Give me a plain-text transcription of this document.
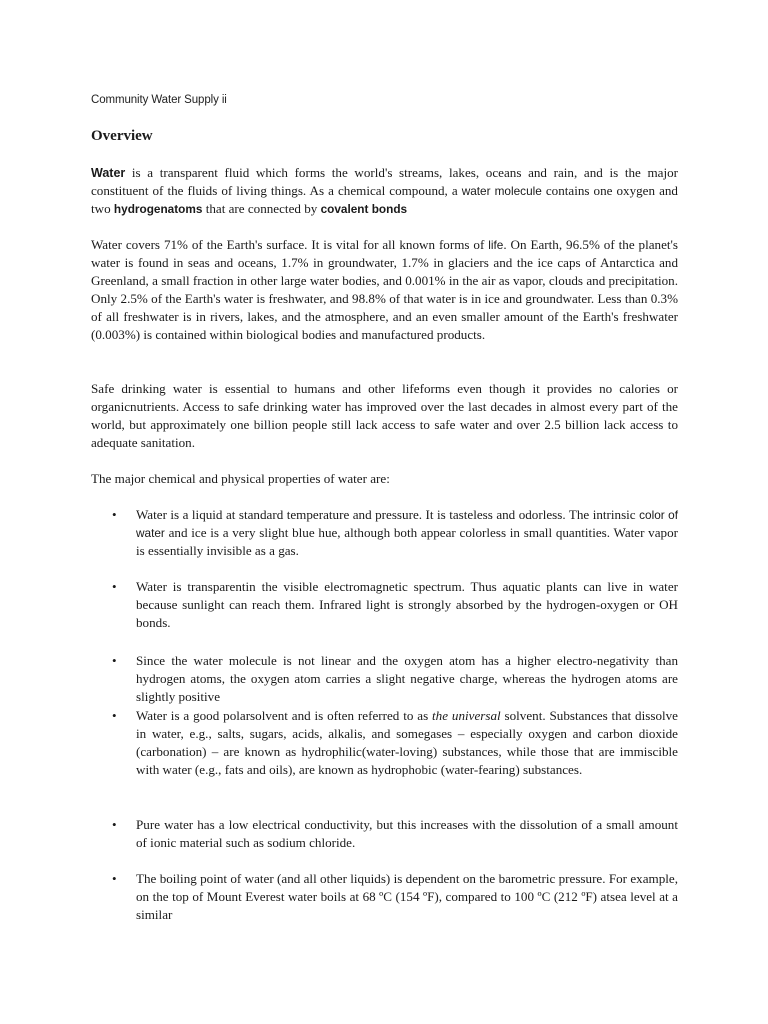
Community Water Supply ii
Overview
Water is a transparent fluid which forms the world's streams, lakes, oceans and rain, and is the major constituent of the fluids of living things. As a chemical compound, a water molecule contains one oxygen and two hydrogenatoms that are connected by covalent bonds
Water covers 71% of the Earth's surface. It is vital for all known forms of life. On Earth, 96.5% of the planet's water is found in seas and oceans, 1.7% in groundwater, 1.7% in glaciers and the ice caps of Antarctica and Greenland, a small fraction in other large water bodies, and 0.001% in the air as vapor, clouds and precipitation. Only 2.5% of the Earth's water is freshwater, and 98.8% of that water is in ice and groundwater. Less than 0.3% of all freshwater is in rivers, lakes, and the atmosphere, and an even smaller amount of the Earth's freshwater (0.003%) is contained within biological bodies and manufactured products.
Safe drinking water is essential to humans and other lifeforms even though it provides no calories or organicnutrients. Access to safe drinking water has improved over the last decades in almost every part of the world, but approximately one billion people still lack access to safe water and over 2.5 billion lack access to adequate sanitation.
The major chemical and physical properties of water are:
• Water is a liquid at standard temperature and pressure. It is tasteless and odorless. The intrinsic color of water and ice is a very slight blue hue, although both appear colorless in small quantities. Water vapor is essentially invisible as a gas.
• Water is transparentin the visible electromagnetic spectrum. Thus aquatic plants can live in water because sunlight can reach them. Infrared light is strongly absorbed by the hydrogen-oxygen or OH bonds.
• Since the water molecule is not linear and the oxygen atom has a higher electro-negativity than hydrogen atoms, the oxygen atom carries a slight negative charge, whereas the hydrogen atoms are slightly positive
• Water is a good polarsolvent and is often referred to as the universal solvent. Substances that dissolve in water, e.g., salts, sugars, acids, alkalis, and somegases – especially oxygen and carbon dioxide (carbonation) – are known as hydrophilic(water-loving) substances, while those that are immiscible with water (e.g., fats and oils), are known as hydrophobic (water-fearing) substances.
• Pure water has a low electrical conductivity, but this increases with the dissolution of a small amount of ionic material such as sodium chloride.
• The boiling point of water (and all other liquids) is dependent on the barometric pressure. For example, on the top of Mount Everest water boils at 68 ºC (154 ºF), compared to 100 ºC (212 ºF) atsea level at a similar
